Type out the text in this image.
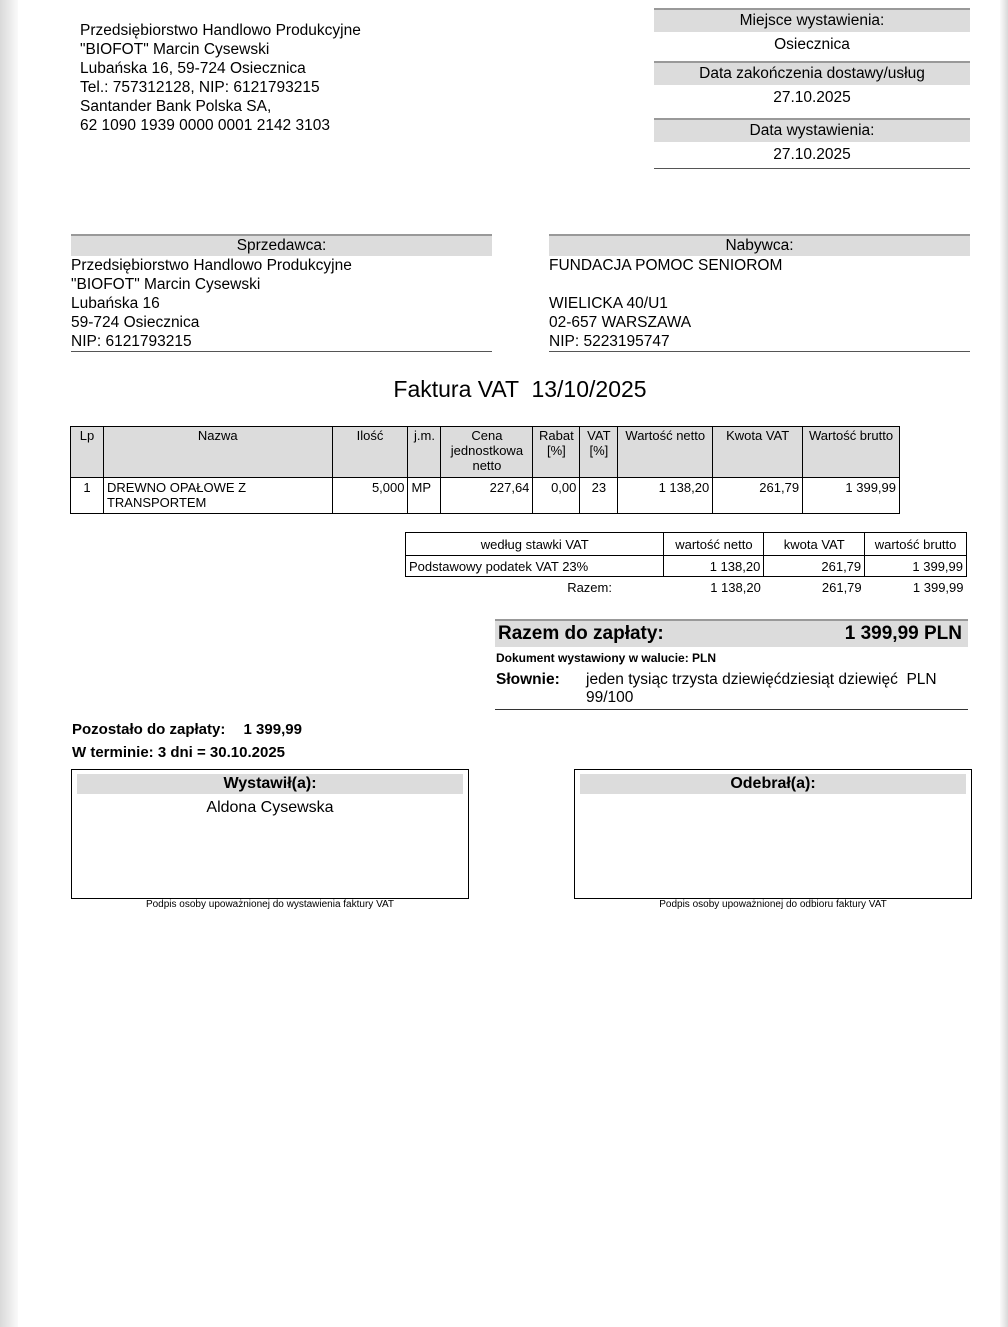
Przedsiębiorstwo Handlowo Produkcyjne
"BIOFOT" Marcin Cysewski
Lubańska 16, 59-724 Osiecznica
Tel.: 757312128, NIP: 6121793215
Santander Bank Polska SA,
62 1090 1939 0000 0001 2142 3103
Miejsce wystawienia:
Osiecznica
Data zakończenia dostawy/usług
27.10.2025
Data wystawienia:
27.10.2025
Sprzedawca:
Przedsiębiorstwo Handlowo Produkcyjne
"BIOFOT" Marcin Cysewski
Lubańska 16
59-724 Osiecznica
NIP: 6121793215
Nabywca:
FUNDACJA POMOC SENIOROM
WIELICKA 40/U1
02-657 WARSZAWA
NIP: 5223195747
Faktura VAT  13/10/2025
Lp	Nazwa	Ilość	j.m.	Cena jednostkowa netto	Rabat [%]	VAT [%]	Wartość netto	Kwota VAT	Wartość brutto
1	DREWNO OPAŁOWE Z TRANSPORTEM	5,000	MP	227,64	0,00	23	1 138,20	261,79	1 399,99
według stawki VAT	wartość netto	kwota VAT	wartość brutto
Podstawowy podatek VAT 23%	1 138,20	261,79	1 399,99
Razem:	1 138,20	261,79	1 399,99
Razem do zapłaty:	1 399,99 PLN
Dokument wystawiony w walucie: PLN
Słownie:	jeden tysiąc trzysta dziewięćdziesiąt dziewięć  PLN 99/100
Pozostało do zapłaty: 1 399,99
W terminie: 3 dni = 30.10.2025
Wystawił(a):
Aldona Cysewska
Podpis osoby upoważnionej do wystawienia faktury VAT
Odebrał(a):
Podpis osoby upoważnionej do odbioru faktury VAT
